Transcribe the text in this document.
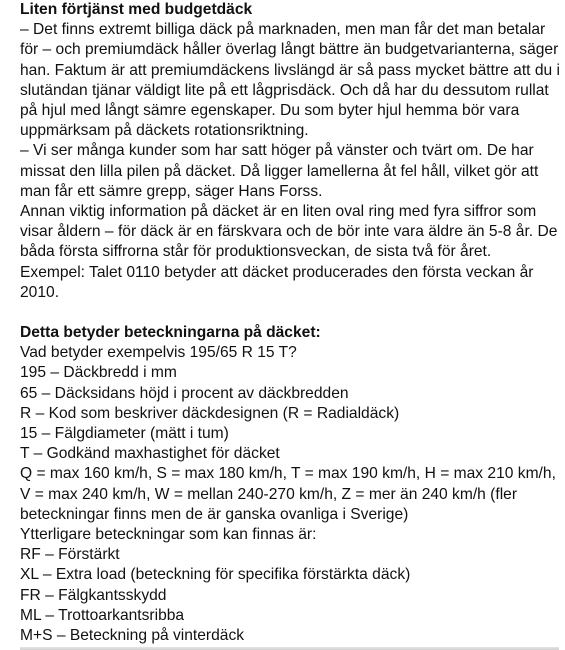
Liten förtjänst med budgetdäck

– Det finns extremt billiga däck på marknaden, men man får det man betalar för – och premiumdäck håller överlag långt bättre än budgetvarianterna, säger han. Faktum är att premiumdäckens livslängd är så pass mycket bättre att du i slutändan tjänar väldigt lite på ett lågprisdäck. Och då har du dessutom rullat på hjul med långt sämre egenskaper. Du som byter hjul hemma bör vara uppmärksam på däckets rotationsriktning.

– Vi ser många kunder som har satt höger på vänster och tvärt om. De har missat den lilla pilen på däcket. Då ligger lamellerna åt fel håll, vilket gör att man får ett sämre grepp, säger Hans Forss.

Annan viktig information på däcket är en liten oval ring med fyra siffror som visar åldern – för däck är en färskvara och de bör inte vara äldre än 5-8 år. De båda första siffrorna står för produktionsveckan, de sista två för året. Exempel: Talet 0110 betyder att däcket producerades den första veckan år 2010.

Detta betyder beteckningarna på däcket:

Vad betyder exempelvis 195/65 R 15 T?

195 – Däckbredd i mm

65 – Däcksidans höjd i procent av däckbredden

R – Kod som beskriver däckdesignen (R = Radialdäck)

15 – Fälgdiameter (mätt i tum)

T – Godkänd maxhastighet för däcket

Q = max 160 km/h, S = max 180 km/h, T = max 190 km/h, H = max 210 km/h, V = max 240 km/h, W = mellan 240-270 km/h, Z = mer än 240 km/h (fler beteckningar finns men de är ganska ovanliga i Sverige)

Ytterligare beteckningar som kan finnas är:

RF – Förstärkt

XL – Extra load (beteckning för specifika förstärkta däck)

FR – Fälgkantsskydd

ML – Trottoarkantsribba

M+S – Beteckning på vinterdäck
